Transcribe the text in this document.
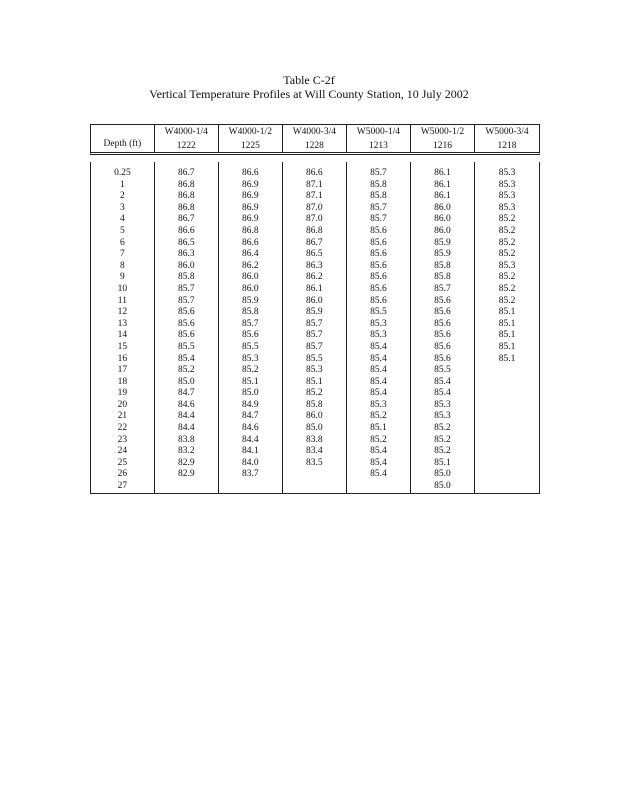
Table C-2f
Vertical Temperature Profiles at Will County Station, 10 July 2002
Depth (ft)
W4000-1/4
1222
W4000-1/2
1225
W4000-3/4
1228
W5000-1/4
1213
W5000-1/2
1216
W5000-3/4
1218
0.25
1
2
3
4
5
6
7
8
9
10
11
12
13
14
15
16
17
18
19
20
21
22
23
24
25
26
27
86.7
86.8
86.8
86.8
86.7
86.6
86.5
86.3
86.0
85.8
85.7
85.7
85.6
85.6
85.6
85.5
85.4
85.2
85.0
84.7
84.6
84.4
84.4
83.8
83.2
82.9
82.9
86.6
86.9
86.9
86.9
86.9
86.8
86.6
86.4
86.2
86.0
86.0
85.9
85.8
85.7
85.6
85.5
85.3
85.2
85.1
85.0
84.9
84.7
84.6
84.4
84.1
84.0
83.7
86.6
87.1
87.1
87.0
87.0
86.8
86.7
86.5
86.3
86.2
86.1
86.0
85.9
85.7
85.7
85.7
85.5
85.3
85.1
85.2
85.8
86.0
85.0
83.8
83.4
83.5
85.7
85.8
85.8
85.7
85.7
85.6
85.6
85.6
85.6
85.6
85.6
85.6
85.5
85.3
85.3
85.4
85.4
85.4
85.4
85.4
85.3
85.2
85.1
85.2
85.4
85.4
85.4
86.1
86.1
86.1
86.0
86.0
86.0
85.9
85.9
85.8
85.8
85.7
85.6
85.6
85.6
85.6
85.6
85.6
85.5
85.4
85.4
85.3
85.3
85.2
85.2
85.2
85.1
85.0
85.0
85.3
85.3
85.3
85.3
85.2
85.2
85.2
85.2
85.3
85.2
85.2
85.2
85.1
85.1
85.1
85.1
85.1
